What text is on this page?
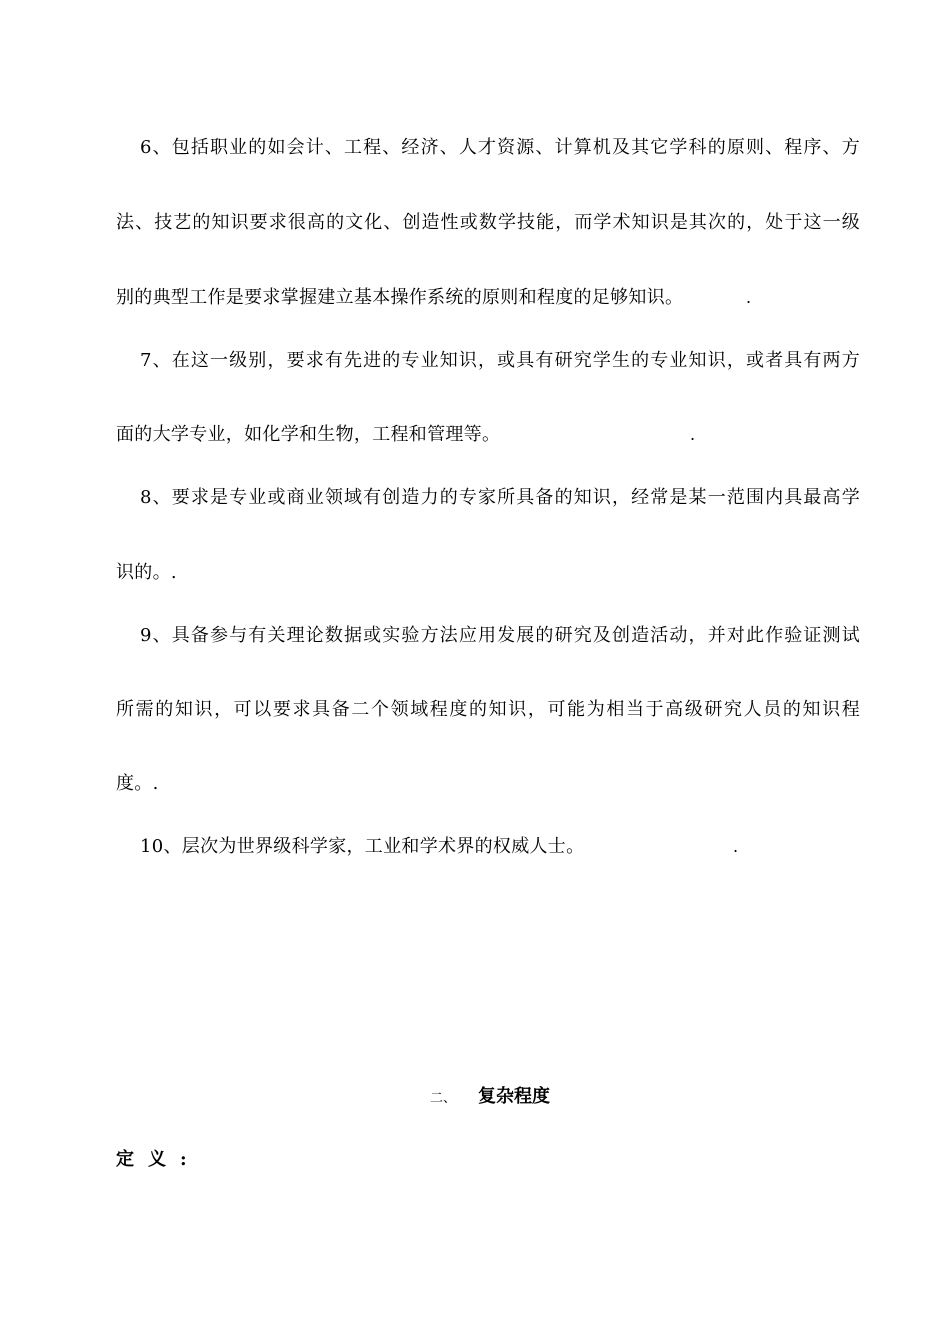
6、包括职业的如会计、工程、经济、人才资源、计算机及其它学科的原则、程序、方
法、技艺的知识要求很高的文化、创造性或数学技能，而学术知识是其次的，处于这一级
别的典型工作是要求掌握建立基本操作系统的原则和程度的足够知识。	.
7、在这一级别，要求有先进的专业知识，或具有研究学生的专业知识，或者具有两方
面的大学专业，如化学和生物，工程和管理等。	.
8、要求是专业或商业领域有创造力的专家所具备的知识，经常是某一范围内具最高学
识的。.
9、具备参与有关理论数据或实验方法应用发展的研究及创造活动，并对此作验证测试
所需的知识，可以要求具备二个领域程度的知识，可能为相当于高级研究人员的知识程
度。.
10、层次为世界级科学家，工业和学术界的权威人士。	.
二、 复杂程度
定义:
